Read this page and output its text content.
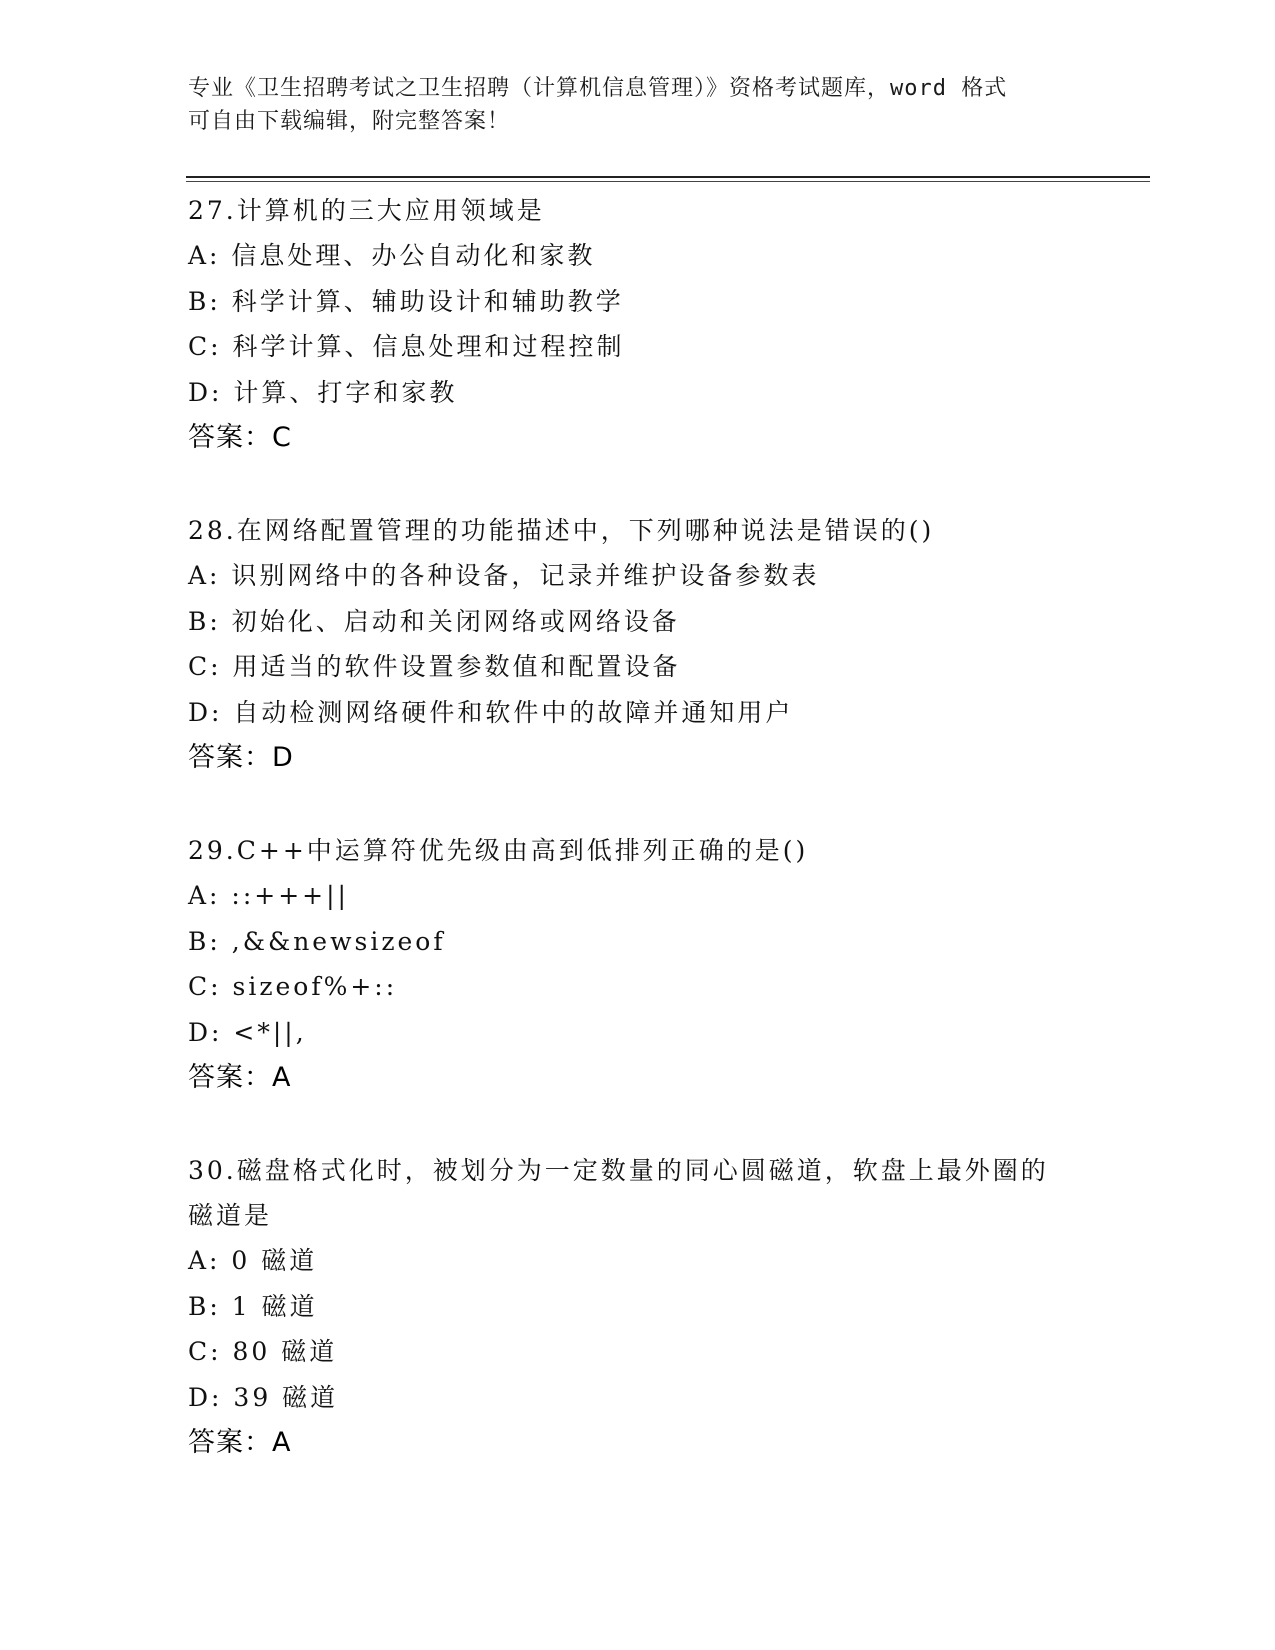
专业《卫生招聘考试之卫生招聘（计算机信息管理）》资格考试题库，word 格式
可自由下载编辑，附完整答案！
27.计算机的三大应用领域是
A: 信息处理、办公自动化和家教
B: 科学计算、辅助设计和辅助教学
C: 科学计算、信息处理和过程控制
D: 计算、打字和家教
答案：C
28.在网络配置管理的功能描述中，下列哪种说法是错误的()
A: 识别网络中的各种设备，记录并维护设备参数表
B: 初始化、启动和关闭网络或网络设备
C: 用适当的软件设置参数值和配置设备
D: 自动检测网络硬件和软件中的故障并通知用户
答案：D
29.C++中运算符优先级由高到低排列正确的是()
A: ::+++||
B: ,&&newsizeof
C: sizeof%+::
D: <*||,
答案：A
30.磁盘格式化时，被划分为一定数量的同心圆磁道，软盘上最外圈的磁道是
A: 0 磁道
B: 1 磁道
C: 80 磁道
D: 39 磁道
答案：A
